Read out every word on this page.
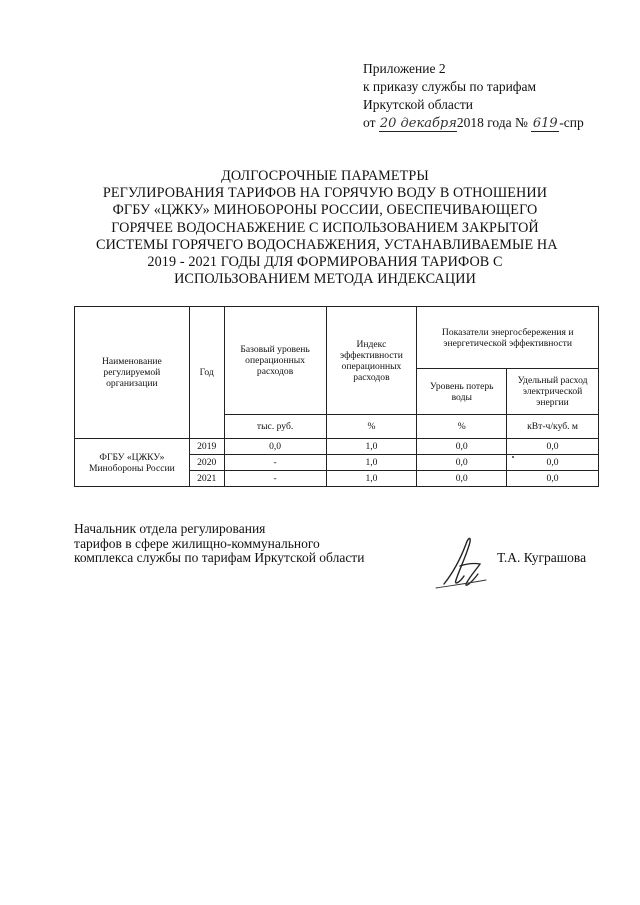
Приложение 2
к приказу службы по тарифам
Иркутской области
от 20 декабря2018 года № 619 -спр
ДОЛГОСРОЧНЫЕ ПАРАМЕТРЫ
РЕГУЛИРОВАНИЯ ТАРИФОВ НА ГОРЯЧУЮ ВОДУ В ОТНОШЕНИИ
ФГБУ «ЦЖКУ» МИНОБОРОНЫ РОССИИ, ОБЕСПЕЧИВАЮЩЕГО
ГОРЯЧЕЕ ВОДОСНАБЖЕНИЕ С ИСПОЛЬЗОВАНИЕМ ЗАКРЫТОЙ
СИСТЕМЫ ГОРЯЧЕГО ВОДОСНАБЖЕНИЯ, УСТАНАВЛИВАЕМЫЕ НА
2019 - 2021 ГОДЫ ДЛЯ ФОРМИРОВАНИЯ ТАРИФОВ С
ИСПОЛЬЗОВАНИЕМ МЕТОДА ИНДЕКСАЦИИ
Наименование регулируемой организации	Год	Базовый уровень операционных расходов	Индекс эффективности операционных расходов	Показатели энергосбережения и энергетической эффективности	
				Уровень потерь воды	Удельный расход электрической энергии
		тыс. руб.	%	%	кВт-ч/куб. м
ФГБУ «ЦЖКУ» Минобороны России	2019	0,0	1,0	0,0	0,0
	2020	-	1,0	0,0	0,0
	2021	-	1,0	0,0	0,0
Начальник отдела регулирования
тарифов в сфере жилищно-коммунального
комплекса службы по тарифам Иркутской области	Т.А. Куграшова
